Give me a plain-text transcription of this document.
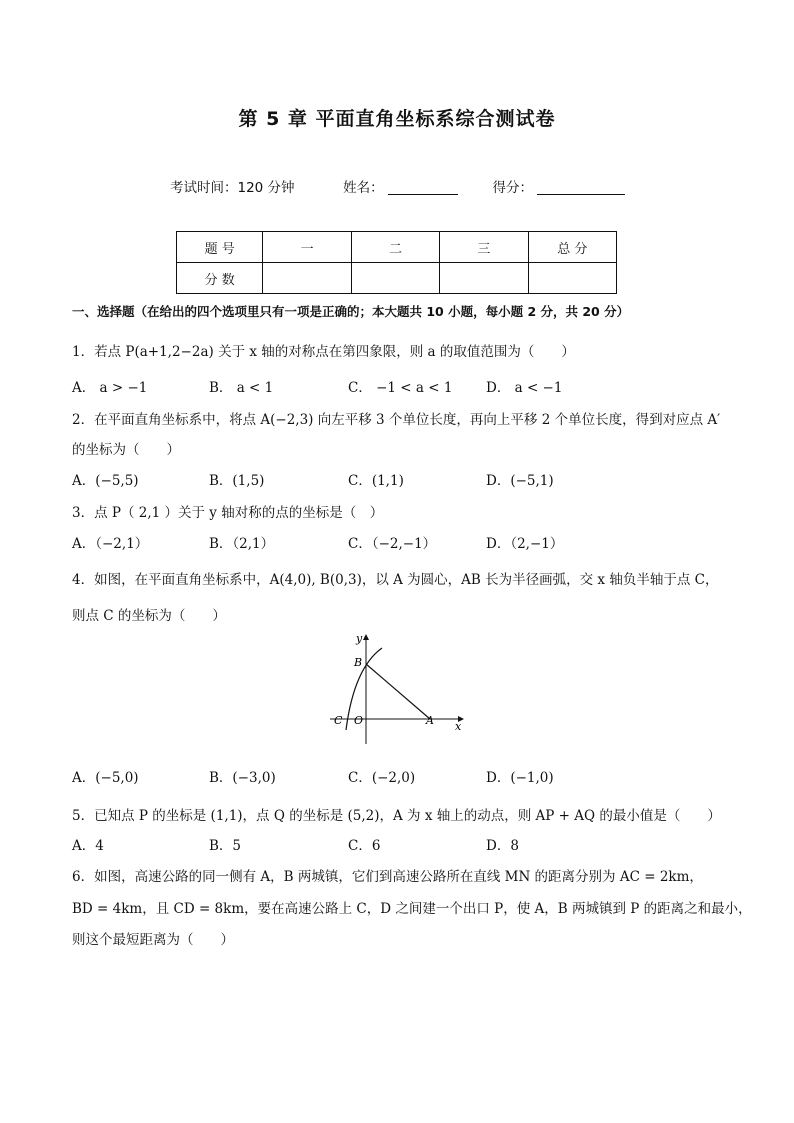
第 5 章 平面直角坐标系综合测试卷
考试时间：120 分钟	姓名：	得分：
题 号	一	二	三	总 分
分 数				
一、选择题（在给出的四个选项里只有一项是正确的；本大题共 10 小题，每小题 2 分，共 20 分）
1．若点 P(a+1,2−2a) 关于 x 轴的对称点在第四象限，则 a 的取值范围为（　　）
A． a > −1	B． a < 1	C． −1 < a < 1 D． a < −1
2．在平面直角坐标系中，将点 A(−2,3) 向左平移 3 个单位长度，再向上平移 2 个单位长度，得到对应点 A′
的坐标为（　　）
A．(−5,5)	B．(1,5)	C．(1,1)	D．(−5,1)
3．点 P（ 2,1 ）关于 y 轴对称的点的坐标是（　）
A．（−2,1）	B．（2,1）	C．（−2,−1）	D．（2,−1）
4．如图，在平面直角坐标系中，A(4,0), B(0,3)，以 A 为圆心，AB 长为半径画弧，交 x 轴负半轴于点 C，
则点 C 的坐标为（　　）
y
x
B
C O	A
A．(−5,0)	B．(−3,0)	C．(−2,0)	D．(−1,0)
5．已知点 P 的坐标是 (1,1)，点 Q 的坐标是 (5,2)，A 为 x 轴上的动点，则 AP + AQ 的最小值是（　　）
A．4	B．5	C．6	D．8
6．如图，高速公路的同一侧有 A，B 两城镇，它们到高速公路所在直线 MN 的距离分别为 AC = 2km，
BD = 4km，且 CD = 8km，要在高速公路上 C，D 之间建一个出口 P，使 A，B 两城镇到 P 的距离之和最小，
则这个最短距离为（　　）
